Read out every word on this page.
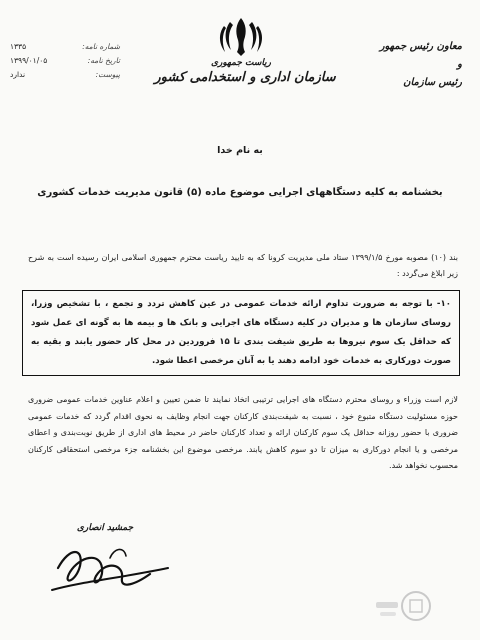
شماره نامه:
۱۳۳۵
تاریخ نامه:
۱۳۹۹/۰۱/۰۵
پیوست:
ندارد
ریاست جمهوری
سازمان اداری و استخدامی کشور
معاون رئیس جمهور
و
رئیس سازمان
به نام خدا
بخشنامه به کلیه دستگاههای اجرایی موضوع ماده (۵) قانون مدیریت خدمات کشوری
بند (۱۰) مصوبه مورخ ۱۳۹۹/۱/۵ ستاد ملی مدیریت کرونا که به تایید ریاست محترم جمهوری اسلامی ایران رسیده است به شرح زیر ابلاغ می‌گردد :
۱۰- با توجه به ضرورت تداوم ارائه خدمات عمومی در عین کاهش تردد و تجمع ، با تشخیص وزرا، روسای سازمان ها و مدیران در کلیه دستگاه های اجرایی و بانک ها و بیمه ها به گونه ای عمل شود که حداقل یک سوم نیروها به طریق شیفت بندی تا ۱۵ فروردین در محل کار حضور یابند و بقیه به صورت دورکاری به خدمات خود ادامه دهند یا به آنان مرخصی اعطا شود.
لازم است وزراء و روسای محترم دستگاه های اجرایی ترتیبی اتخاذ نمایند تا ضمن تعیین و اعلام عناوین خدمات عمومی ضروری حوزه مسئولیت دستگاه متبوع خود ، نسبت به شیفت‌بندی کارکنان جهت انجام وظایف به نحوی اقدام گردد که خدمات عمومی ضروری با حضور روزانه حداقل یک سوم کارکنان ارائه و تعداد کارکنان حاضر در محیط های اداری از طریق نوبت‌بندی و اعطای مرخصی و یا انجام دورکاری به میزان تا دو سوم کاهش یابند. مرخصی موضوع این بخشنامه جزء مرخصی استحقاقی کارکنان محسوب نخواهد شد.
جمشید انصاری
